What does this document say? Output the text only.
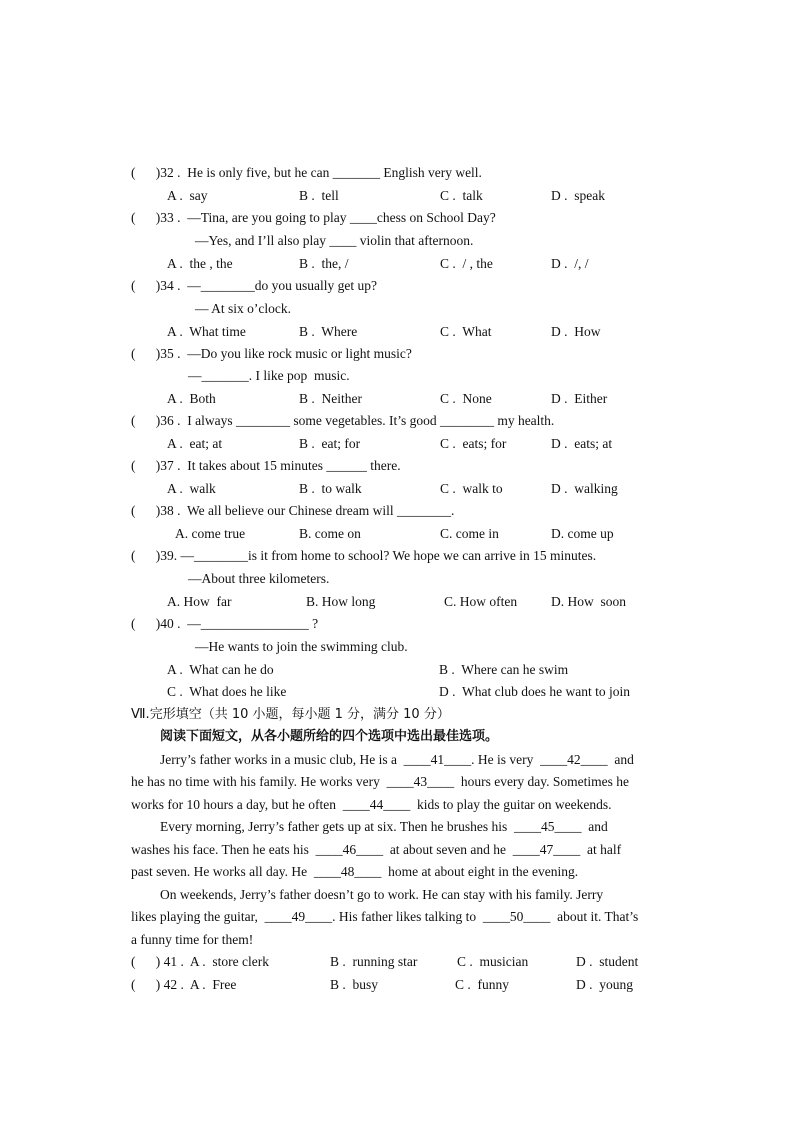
(      )32 .  He is only five, but he can _______ English very well.
A .  say	B .  tell	C .  talk	D .  speak
(      )33 .  —Tina, are you going to play ____chess on School Day?
—Yes, and I’ll also play ____ violin that afternoon.
A .  the , the	B .  the, /	C .  / , the	D .  /, /
(      )34 .  —________do you usually get up?
— At six o’clock.
A .  What time	B .  Where	C .  What	D .  How
(      )35 .  —Do you like rock music or light music?
—_______. I like pop  music.
A .  Both	B .  Neither	C .  None	D .  Either
(      )36 .  I always ________ some vegetables. It’s good ________ my health.
A .  eat; at	B .  eat; for	C .  eats; for	D .  eats; at
(      )37 .  It takes about 15 minutes ______ there.
A .  walk	B .  to walk	C .  walk to	D .  walking
(      )38 .  We all believe our Chinese dream will ________.
A. come true	B. come on	C. come in	D. come up
(      )39. —________is it from home to school? We hope we can arrive in 15 minutes.
—About three kilometers.
A. How  far	B. How long	C. How often	D. How  soon
(      )40 .  —________________ ?
—He wants to join the swimming club.
A .  What can he do	B .  Where can he swim
C .  What does he like	D .  What club does he want to join
Ⅶ.完形填空（共 10 小题，每小题 1 分，满分 10 分）
阅读下面短文，从各小题所给的四个选项中选出最佳选项。
Jerry’s father works in a music club, He is a  ____41____. He is very  ____42____  and
he has no time with his family. He works very  ____43____  hours every day. Sometimes he
works for 10 hours a day, but he often  ____44____  kids to play the guitar on weekends.
Every morning, Jerry’s father gets up at six. Then he brushes his  ____45____  and
washes his face. Then he eats his  ____46____  at about seven and he  ____47____  at half
past seven. He works all day. He  ____48____  home at about eight in the evening.
On weekends, Jerry’s father doesn’t go to work. He can stay with his family. Jerry
likes playing the guitar,  ____49____. His father likes talking to  ____50____  about it. That’s
a funny time for them!
(      ) 41 .  A .  store clerk	B .  running star	C .  musician	D .  student
(      ) 42 .  A .  Free	B .  busy	C .  funny	D .  young
